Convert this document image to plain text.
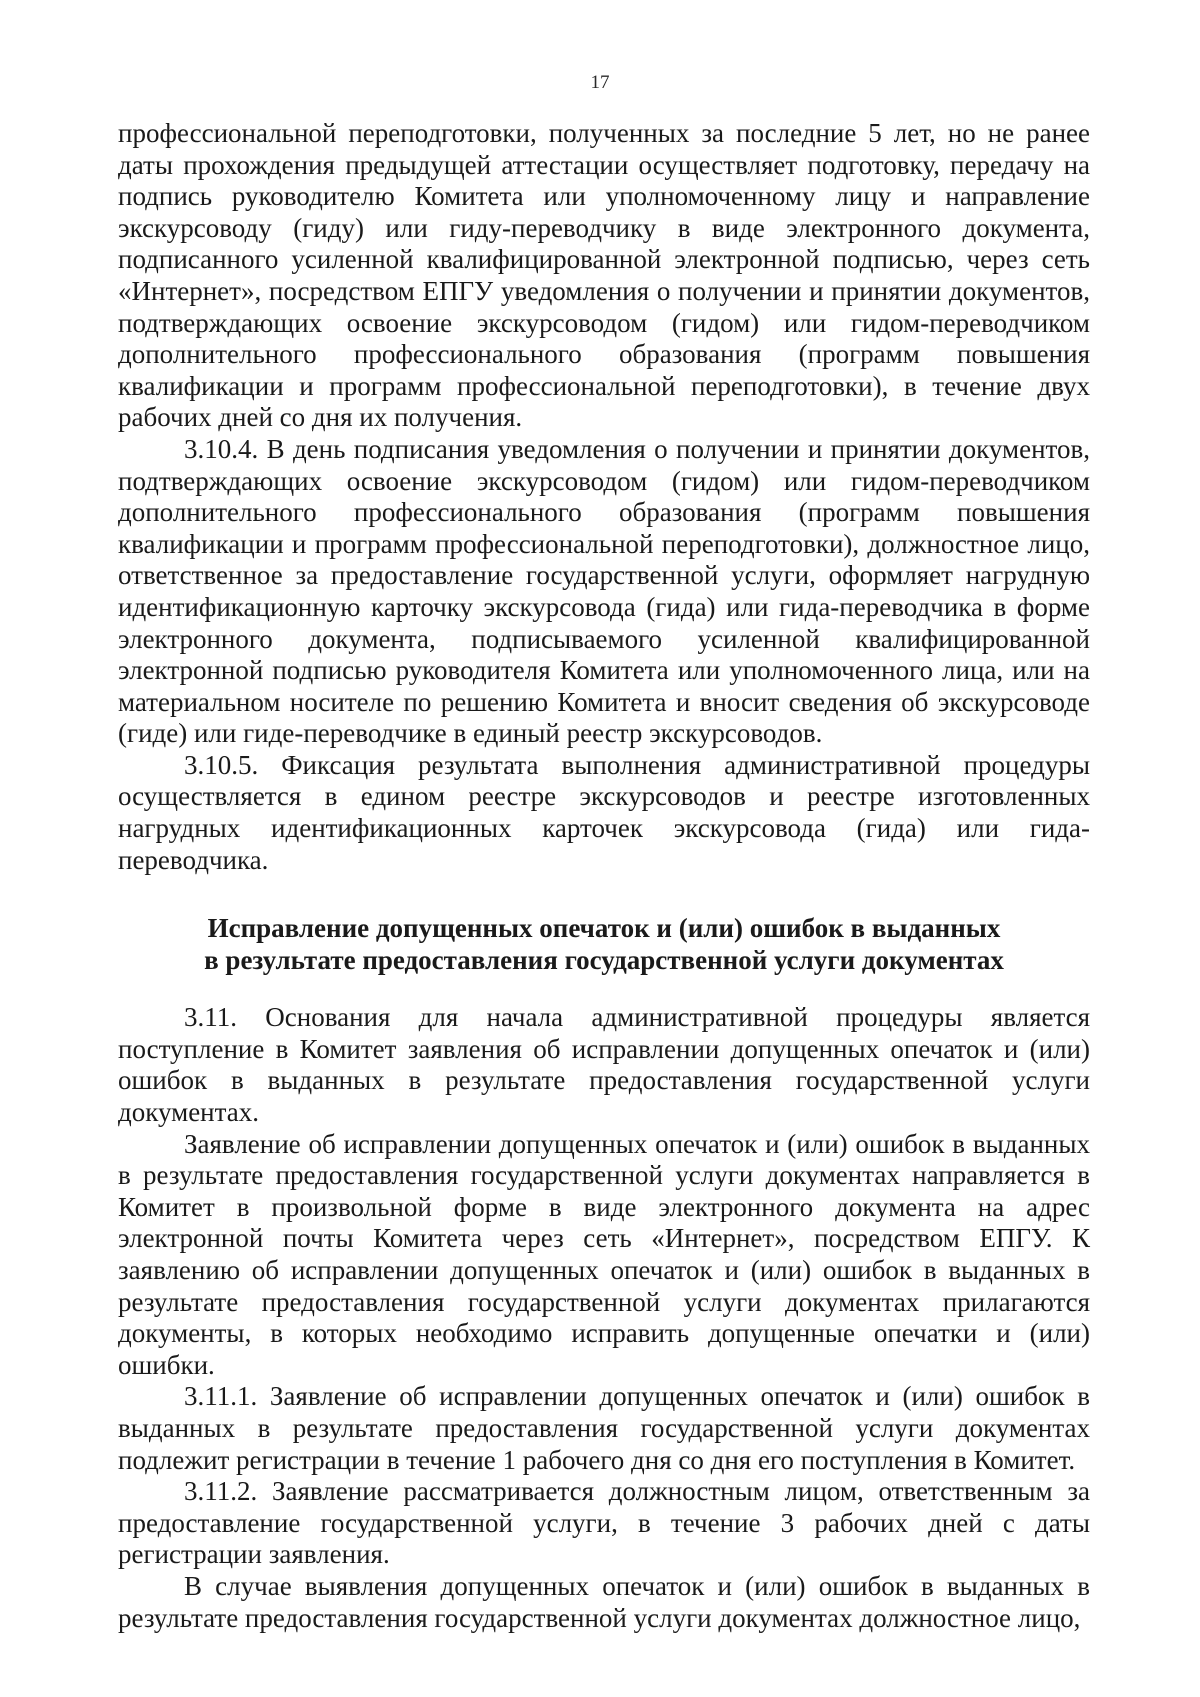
17

профессиональной переподготовки, полученных за последние 5 лет, но не ранее даты прохождения предыдущей аттестации осуществляет подготовку, передачу на подпись руководителю Комитета или уполномоченному лицу и направление экскурсоводу (гиду) или гиду-переводчику в виде электронного документа, подписанного усиленной квалифицированной электронной подписью, через сеть «Интернет», посредством ЕПГУ уведомления о получении и принятии документов, подтверждающих освоение экскурсоводом (гидом) или гидом-переводчиком дополнительного профессионального образования (программ повышения квалификации и программ профессиональной переподготовки), в течение двух рабочих дней со дня их получения.

3.10.4. В день подписания уведомления о получении и принятии документов, подтверждающих освоение экскурсоводом (гидом) или гидом-переводчиком дополнительного профессионального образования (программ повышения квалификации и программ профессиональной переподготовки), должностное лицо, ответственное за предоставление государственной услуги, оформляет нагрудную идентификационную карточку экскурсовода (гида) или гида-переводчика в форме электронного документа, подписываемого усиленной квалифицированной электронной подписью руководителя Комитета или уполномоченного лица, или на материальном носителе по решению Комитета и вносит сведения об экскурсоводе (гиде) или гиде-переводчике в единый реестр экскурсоводов.

3.10.5. Фиксация результата выполнения административной процедуры осуществляется в едином реестре экскурсоводов и реестре изготовленных нагрудных идентификационных карточек экскурсовода (гида) или гида-переводчика.

Исправление допущенных опечаток и (или) ошибок в выданных
в результате предоставления государственной услуги документах

3.11. Основания для начала административной процедуры является поступление в Комитет заявления об исправлении допущенных опечаток и (или) ошибок в выданных в результате предоставления государственной услуги документах.

Заявление об исправлении допущенных опечаток и (или) ошибок в выданных в результате предоставления государственной услуги документах направляется в Комитет в произвольной форме в виде электронного документа на адрес электронной почты Комитета через сеть «Интернет», посредством ЕПГУ. К заявлению об исправлении допущенных опечаток и (или) ошибок в выданных в результате предоставления государственной услуги документах прилагаются документы, в которых необходимо исправить допущенные опечатки и (или) ошибки.

3.11.1. Заявление об исправлении допущенных опечаток и (или) ошибок в выданных в результате предоставления государственной услуги документах подлежит регистрации в течение 1 рабочего дня со дня его поступления в Комитет.

3.11.2. Заявление рассматривается должностным лицом, ответственным за предоставление государственной услуги, в течение 3 рабочих дней с даты регистрации заявления.

В случае выявления допущенных опечаток и (или) ошибок в выданных в результате предоставления государственной услуги документах должностное лицо,
